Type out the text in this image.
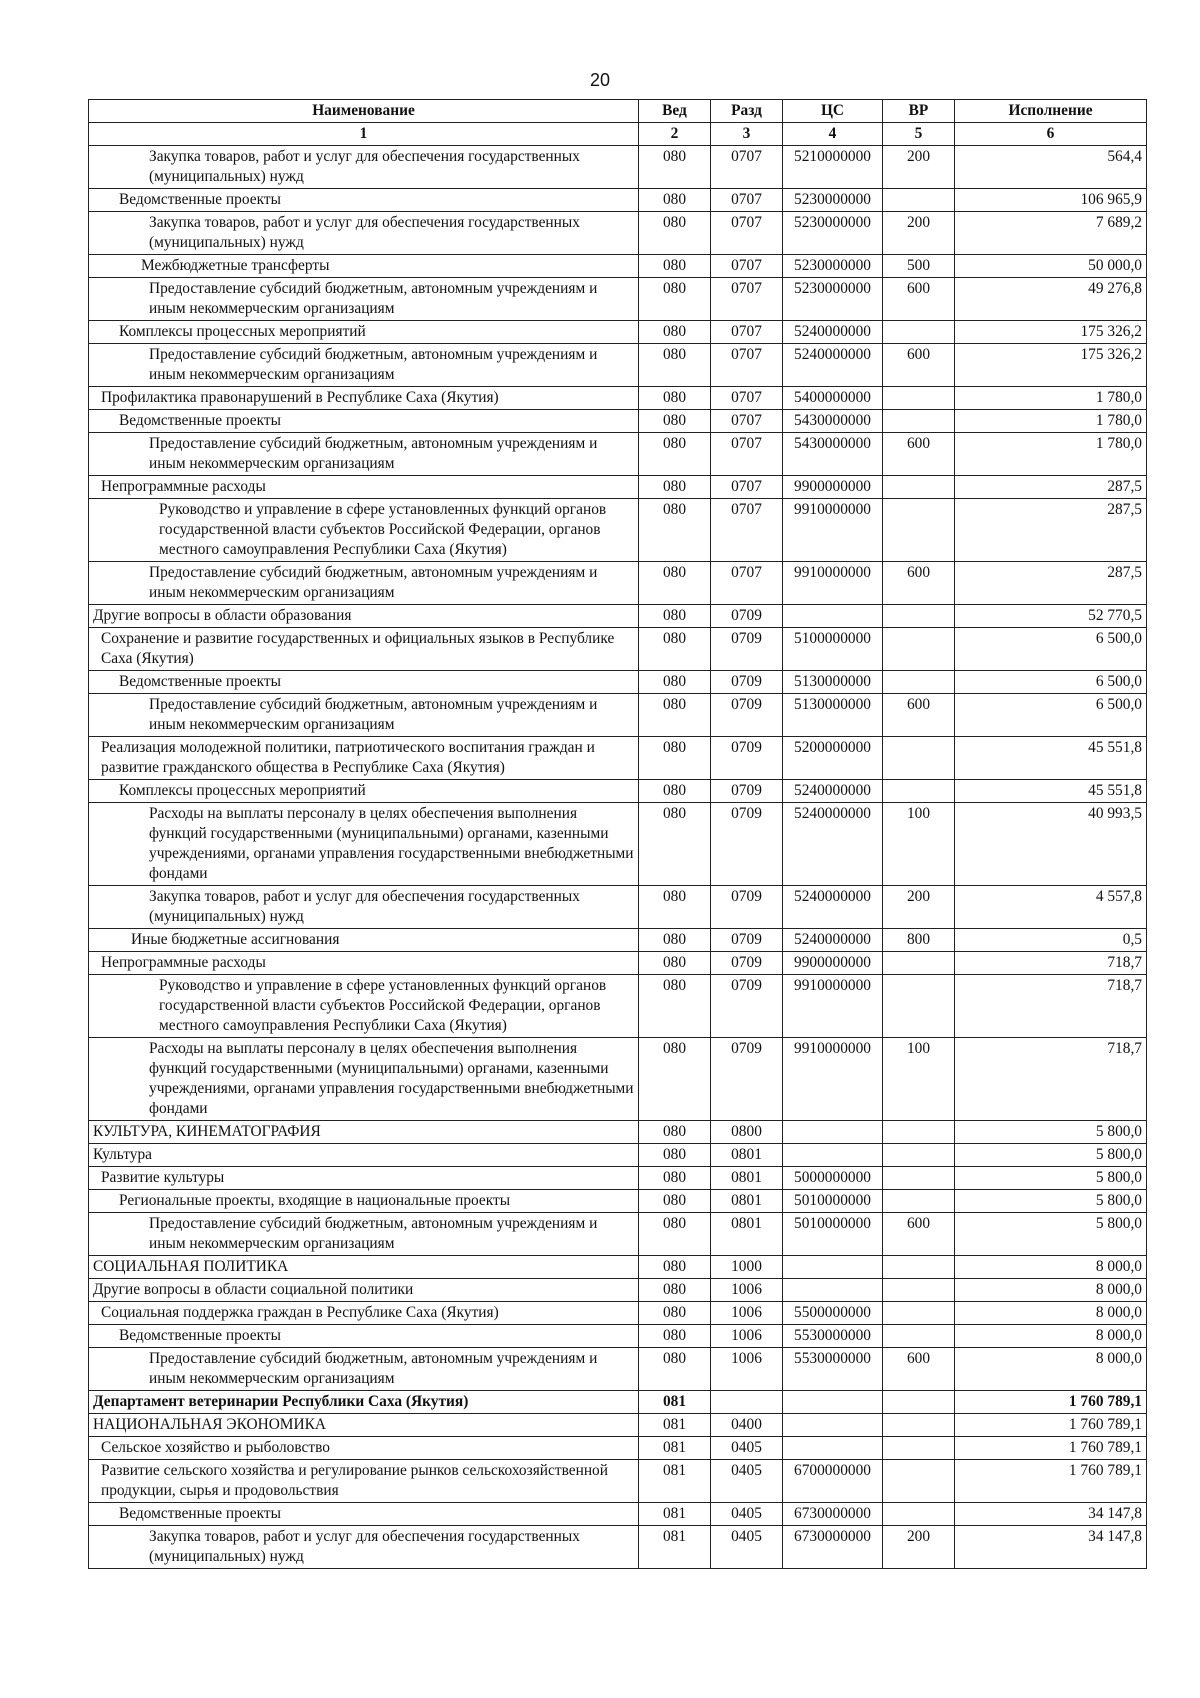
20
Наименование	Вед	Разд	ЦС	ВР	Исполнение
1	2	3	4	5	6
Закупка товаров, работ и услуг для обеспечения государственных (муниципальных) нужд	080	0707	5210000000	200	564,4
Ведомственные проекты	080	0707	5230000000		106 965,9
Закупка товаров, работ и услуг для обеспечения государственных (муниципальных) нужд	080	0707	5230000000	200	7 689,2
Межбюджетные трансферты	080	0707	5230000000	500	50 000,0
Предоставление субсидий бюджетным, автономным учреждениям и иным некоммерческим организациям	080	0707	5230000000	600	49 276,8
Комплексы процессных мероприятий	080	0707	5240000000		175 326,2
Предоставление субсидий бюджетным, автономным учреждениям и иным некоммерческим организациям	080	0707	5240000000	600	175 326,2
Профилактика правонарушений в Республике Саха (Якутия)	080	0707	5400000000		1 780,0
Ведомственные проекты	080	0707	5430000000		1 780,0
Предоставление субсидий бюджетным, автономным учреждениям и иным некоммерческим организациям	080	0707	5430000000	600	1 780,0
Непрограммные расходы	080	0707	9900000000		287,5
Руководство и управление в сфере установленных функций органов государственной власти субъектов Российской Федерации, органов местного самоуправления Республики Саха (Якутия)	080	0707	9910000000		287,5
Предоставление субсидий бюджетным, автономным учреждениям и иным некоммерческим организациям	080	0707	9910000000	600	287,5
Другие вопросы в области образования	080	0709			52 770,5
Сохранение и развитие государственных и официальных языков в Республике Саха (Якутия)	080	0709	5100000000		6 500,0
Ведомственные проекты	080	0709	5130000000		6 500,0
Предоставление субсидий бюджетным, автономным учреждениям и иным некоммерческим организациям	080	0709	5130000000	600	6 500,0
Реализация молодежной политики, патриотического воспитания граждан и развитие гражданского общества в Республике Саха (Якутия)	080	0709	5200000000		45 551,8
Комплексы процессных мероприятий	080	0709	5240000000		45 551,8
Расходы на выплаты персоналу в целях обеспечения выполнения функций государственными (муниципальными) органами, казенными учреждениями, органами управления государственными внебюджетными фондами	080	0709	5240000000	100	40 993,5
Закупка товаров, работ и услуг для обеспечения государственных (муниципальных) нужд	080	0709	5240000000	200	4 557,8
Иные бюджетные ассигнования	080	0709	5240000000	800	0,5
Непрограммные расходы	080	0709	9900000000		718,7
Руководство и управление в сфере установленных функций органов государственной власти субъектов Российской Федерации, органов местного самоуправления Республики Саха (Якутия)	080	0709	9910000000		718,7
Расходы на выплаты персоналу в целях обеспечения выполнения функций государственными (муниципальными) органами, казенными учреждениями, органами управления государственными внебюджетными фондами	080	0709	9910000000	100	718,7
КУЛЬТУРА, КИНЕМАТОГРАФИЯ	080	0800			5 800,0
Культура	080	0801			5 800,0
Развитие культуры	080	0801	5000000000		5 800,0
Региональные проекты, входящие в национальные проекты	080	0801	5010000000		5 800,0
Предоставление субсидий бюджетным, автономным учреждениям и иным некоммерческим организациям	080	0801	5010000000	600	5 800,0
СОЦИАЛЬНАЯ ПОЛИТИКА	080	1000			8 000,0
Другие вопросы в области социальной политики	080	1006			8 000,0
Социальная поддержка граждан в Республике Саха (Якутия)	080	1006	5500000000		8 000,0
Ведомственные проекты	080	1006	5530000000		8 000,0
Предоставление субсидий бюджетным, автономным учреждениям и иным некоммерческим организациям	080	1006	5530000000	600	8 000,0
Департамент ветеринарии Республики Саха (Якутия)	081				1 760 789,1
НАЦИОНАЛЬНАЯ ЭКОНОМИКА	081	0400			1 760 789,1
Сельское хозяйство и рыболовство	081	0405			1 760 789,1
Развитие сельского хозяйства и регулирование рынков сельскохозяйственной продукции, сырья и продовольствия	081	0405	6700000000		1 760 789,1
Ведомственные проекты	081	0405	6730000000		34 147,8
Закупка товаров, работ и услуг для обеспечения государственных (муниципальных) нужд	081	0405	6730000000	200	34 147,8
